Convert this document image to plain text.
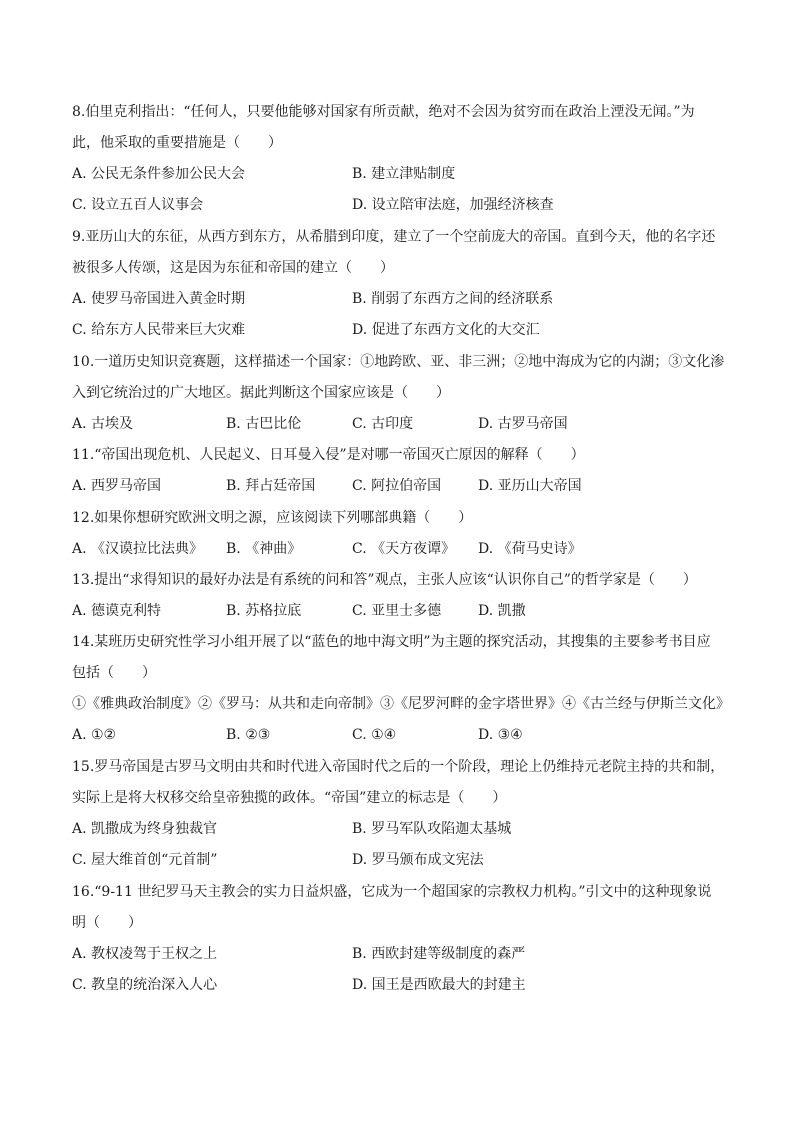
8.伯里克利指出：“任何人，只要他能够对国家有所贡献，绝对不会因为贫穷而在政治上湮没无闻。”为
此，他采取的重要措施是（　　）
A. 公民无条件参加公民大会	B. 建立津贴制度
C. 设立五百人议事会	D. 设立陪审法庭，加强经济核查
9.亚历山大的东征，从西方到东方，从希腊到印度，建立了一个空前庞大的帝国。直到今天，他的名字还
被很多人传颂，这是因为东征和帝国的建立（　　）
A. 使罗马帝国进入黄金时期	B. 削弱了东西方之间的经济联系
C. 给东方人民带来巨大灾难	D. 促进了东西方文化的大交汇
10.一道历史知识竞赛题，这样描述一个国家：①地跨欧、亚、非三洲；②地中海成为它的内湖；③文化渗
入到它统治过的广大地区。据此判断这个国家应该是（　　）
A. 古埃及	B. 古巴比伦	C. 古印度	D. 古罗马帝国
11.“帝国出现危机、人民起义、日耳曼入侵”是对哪一帝国灭亡原因的解释（　　）
A. 西罗马帝国	B. 拜占廷帝国	C. 阿拉伯帝国	D. 亚历山大帝国
12.如果你想研究欧洲文明之源，应该阅读下列哪部典籍（　　）
A. 《汉谟拉比法典》 B. 《神曲》	C. 《天方夜谭》 D. 《荷马史诗》
13.提出“求得知识的最好办法是有系统的问和答”观点，主张人应该“认识你自己”的哲学家是（　　）
A. 德谟克利特	B. 苏格拉底	C. 亚里士多德	D. 凯撒
14.某班历史研究性学习小组开展了以“蓝色的地中海文明”为主题的探究活动，其搜集的主要参考书目应
包括（　　）
①《雅典政治制度》②《罗马：从共和走向帝制》③《尼罗河畔的金字塔世界》④《古兰经与伊斯兰文化》
A. ①②	B. ②③	C. ①④	D. ③④
15.罗马帝国是古罗马文明由共和时代进入帝国时代之后的一个阶段，理论上仍维持元老院主持的共和制，
实际上是将大权移交给皇帝独揽的政体。“帝国”建立的标志是（　　）
A. 凯撒成为终身独裁官	B. 罗马军队攻陷迦太基城
C. 屋大维首创“元首制”	D. 罗马颁布成文宪法
16.“9-11 世纪罗马天主教会的实力日益炽盛，它成为一个超国家的宗教权力机构。”引文中的这种现象说
明（　　）
A. 教权凌驾于王权之上	B. 西欧封建等级制度的森严
C. 教皇的统治深入人心	D. 国王是西欧最大的封建主
